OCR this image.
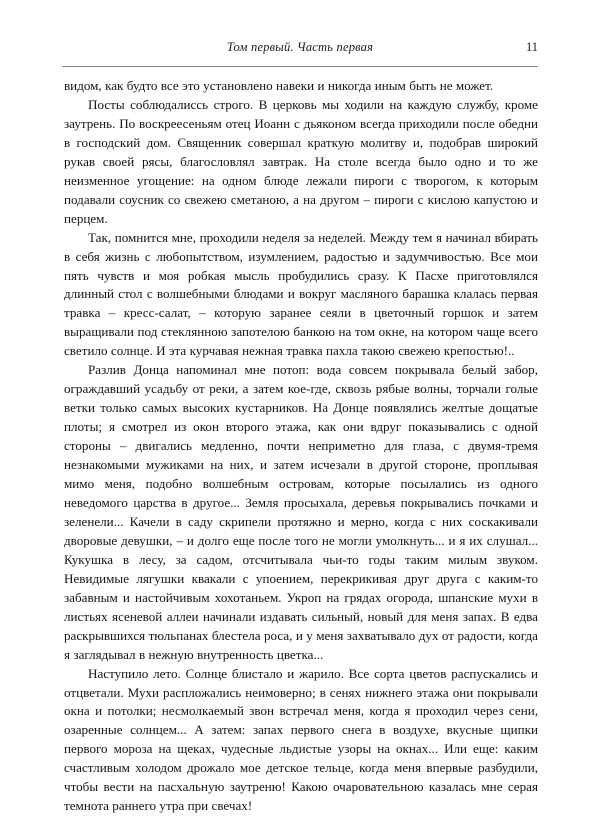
Том первый. Часть первая	11

видом, как будто все это установлено навеки и никогда иным быть не может.

Посты соблюдалиссь строго. В церковь мы ходили на каждую службу, кроме заутрень. По воскреесеньям отец Иоанн с дьяконом всегда приходили после обедни в господский дом. Священник совершал краткую молитву и, подобрав широкий рукав своей рясы, благословлял завтрак. На столе всегда было одно и то же неизменное угощение: на одном блюде лежали пироги с творогом, к которым подавали соусник со свежею сметаною, а на другом – пироги с кислою капустою и перцем.

Так, помнится мне, проходили неделя за неделей. Между тем я начинал вбирать в себя жизнь с любопытством, изумлением, радостью и задумчивостью. Все мои пять чувств и моя робкая мысль пробудились сразу. К Пасхе приготовлялся длинный стол с волшебными блюдами и вокруг масляного барашка клалась первая травка – кресс-салат, – которую заранее сеяли в цветочный горшок и затем выращивали под стеклянною запотелою банкою на том окне, на котором чаще всего светило солнце. И эта курчавая нежная травка пахла такою свежею крепостью!..

Разлив Донца напоминал мне потоп: вода совсем покрывала белый забор, ограждавший усадьбу от реки, а затем кое-где, сквозь рябые волны, торчали голые ветки только самых высоких кустарников. На Донце появлялись желтые дощатые плоты; я смотрел из окон второго этажа, как они вдруг показывались с одной стороны – двигались медленно, почти неприметно для глаза, с двумя-тремя незнакомыми мужиками на них, и затем исчезали в другой стороне, проплывая мимо меня, подобно волшебным островам, которые посылались из одного неведомого царства в другое... Земля просыхала, деревья покрывались почками и зеленели... Качели в саду скрипели протяжно и мерно, когда с них соскакивали дворовые девушки, – и долго еще после того не могли умолкнуть... и я их слушал... Кукушка в лесу, за садом, отсчитывала чьи-то годы таким милым звуком. Невидимые лягушки квакали с упоением, перекрикивая друг друга с каким-то забавным и настойчивым хохотаньем. Укроп на грядах огорода, шпанские мухи в листьях ясеневой аллеи начинали издавать сильный, новый для меня запах. В едва раскрывшихся тюльпанах блестела роса, и у меня захватывало дух от радости, когда я заглядывал в нежную внутренность цветка...

Наступило лето. Солнце блистало и жарило. Все сорта цветов распускались и отцветали. Мухи распложались неимоверно; в сенях нижнего этажа они покрывали окна и потолки; несмолкаемый звон встречал меня, когда я проходил через сени, озаренные солнцем... А затем: запах первого снега в воздухе, вкусные щипки первого мороза на щеках, чудесные льдистые узоры на окнах... Или еще: каким счастливым холодом дрожало мое детское тельце, когда меня впервые разбудили, чтобы вести на пасхальную заутреню! Какою очаровательною казалась мне серая темнота раннего утра при свечах!
